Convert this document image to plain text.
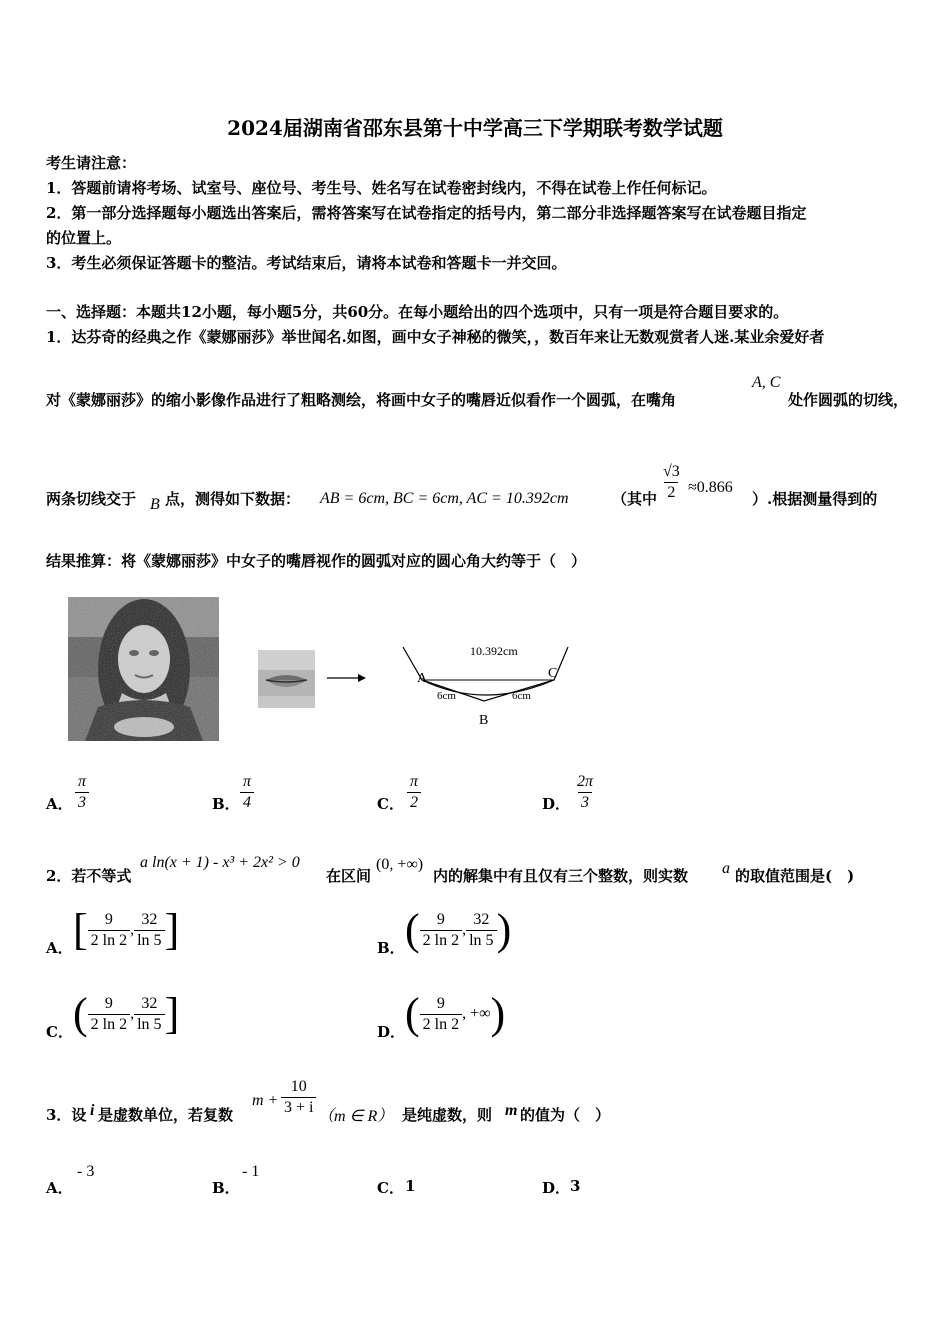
2024届湖南省邵东县第十中学高三下学期联考数学试题
考生请注意：
1．答题前请将考场、试室号、座位号、考生号、姓名写在试卷密封线内，不得在试卷上作任何标记。
2．第一部分选择题每小题选出答案后，需将答案写在试卷指定的括号内，第二部分非选择题答案写在试卷题目指定
的位置上。
3．考生必须保证答题卡的整洁。考试结束后，请将本试卷和答题卡一并交回。
一、选择题：本题共12小题，每小题5分，共60分。在每小题给出的四个选项中，只有一项是符合题目要求的。
1．达芬奇的经典之作《蒙娜丽莎》举世闻名.如图，画中女子神秘的微笑，，数百年来让无数观赏者人迷.某业余爱好者
对《蒙娜丽莎》的缩小影像作品进行了粗略测绘，将画中女子的嘴唇近似看作一个圆弧，在嘴角
A, C
处作圆弧的切线，
两条切线交于 B 点，测得如下数据： AB = 6cm, BC = 6cm, AC = 10.392cm	（其中 $\frac{√3}{2} \approx 0.866$
）.根据测量得到的
结果推算：将《蒙娜丽莎》中女子的嘴唇视作的圆弧对应的圆心角大约等于（　）
10.392cm
A	C
B
6cm	6cm
A． $\frac{\pi}{3}$	B． $\frac{\pi}{4}$	C． $\frac{\pi}{2}$	D． $\frac{2\pi}{3}$
2．若不等式
a ln(x + 1) - x³ + 2x² > 0
在区间
(0, +∞)
内的解集中有且仅有三个整数，则实数 a 的取值范围是(　)
A． [ $\frac{9}{2 \ln 2}$ , $\frac{32}{\ln 5}$ ]	B． ( $\frac{9}{2 \ln 2}$ , $\frac{32}{\ln 5}$ )
C． ( $\frac{9}{2 \ln 2}$ , $\frac{32}{\ln 5}$ ]	D． ( $\frac{9}{2 \ln 2}$ , +∞ )
3．设 i 是虚数单位，若复数
$m + \frac{10}{3 + i} (m$ ∈ R） 是纯虚数，则 m 的值为（　）
A．
- 3
B．
- 1
C． 1	D． 3
